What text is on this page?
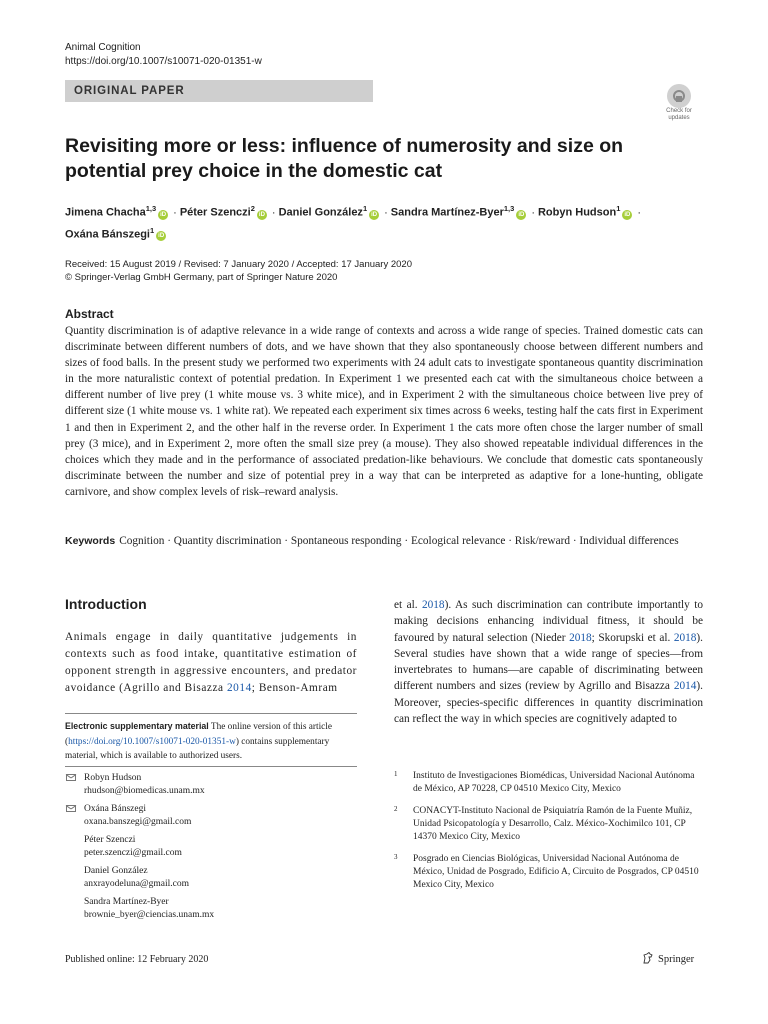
Animal Cognition
https://doi.org/10.1007/s10071-020-01351-w
ORIGINAL PAPER
Check for
updates
Revisiting more or less: influence of numerosity and size on potential prey choice in the domestic cat
Jimena Chacha$^{1,3}$iD · Péter Szenczi$^2$iD · Daniel González$^1$iD · Sandra Martínez-Byer$^{1,3}$iD · Robyn Hudson$^1$iD ·
Oxána Bánszegi$^1$iD
Received: 15 August 2019 / Revised: 7 January 2020 / Accepted: 17 January 2020
© Springer-Verlag GmbH Germany, part of Springer Nature 2020
Abstract
Quantity discrimination is of adaptive relevance in a wide range of contexts and across a wide range of species. Trained domestic cats can discriminate between different numbers of dots, and we have shown that they also spontaneously choose between different numbers and sizes of food balls. In the present study we performed two experiments with 24 adult cats to investigate spontaneous quantity discrimination in the more naturalistic context of potential predation. In Experiment 1 we presented each cat with the simultaneous choice between a different number of live prey (1 white mouse vs. 3 white mice), and in Experiment 2 with the simultaneous choice between live prey of different size (1 white mouse vs. 1 white rat). We repeated each experiment six times across 6 weeks, testing half the cats first in Experiment 1 and then in Experiment 2, and the other half in the reverse order. In Experiment 1 the cats more often chose the larger number of small prey (3 mice), and in Experiment 2, more often the small size prey (a mouse). They also showed repeatable individual differences in the choices which they made and in the performance of associated predation-like behaviours. We conclude that domestic cats spontaneously discriminate between the number and size of potential prey in a way that can be interpreted as adaptive for a lone-hunting, obligate carnivore, and show complex levels of risk–reward analysis.
Keywords Cognition · Quantity discrimination · Spontaneous responding · Ecological relevance · Risk/reward · Individual differences
Introduction
Animals engage in daily quantitative judgements in contexts such as food intake, quantitative estimation of opponent strength in aggressive encounters, and predator avoidance (Agrillo and Bisazza 2014; Benson-Amram
et al. 2018). As such discrimination can contribute importantly to making decisions enhancing individual fitness, it should be favoured by natural selection (Nieder 2018; Skorupski et al. 2018). Several studies have shown that a wide range of species—from invertebrates to humans—are capable of discriminating between different numbers and sizes (review by Agrillo and Bisazza 2014). Moreover, species-specific differences in quantity discrimination can reflect the way in which species are cognitively adapted to
Electronic supplementary material The online version of this article (https://doi.org/10.1007/s10071-020-01351-w) contains supplementary material, which is available to authorized users.
Robyn Hudson
rhudson@biomedicas.unam.mx
Oxána Bánszegi
oxana.banszegi@gmail.com
Péter Szenczi
peter.szenczi@gmail.com
Daniel González
anxrayodeluna@gmail.com
Sandra Martínez-Byer
brownie_byer@ciencias.unam.mx
1 Instituto de Investigaciones Biomédicas, Universidad Nacional Autónoma de México, AP 70228, CP 04510 Mexico City, Mexico
2 CONACYT-Instituto Nacional de Psiquiatría Ramón de la Fuente Muñiz, Unidad Psicopatología y Desarrollo, Calz. México-Xochimilco 101, CP 14370 Mexico City, Mexico
3 Posgrado en Ciencias Biológicas, Universidad Nacional Autónoma de México, Unidad de Posgrado, Edificio A, Circuito de Posgrados, CP 04510 Mexico City, Mexico
Published online: 12 February 2020	Springer
